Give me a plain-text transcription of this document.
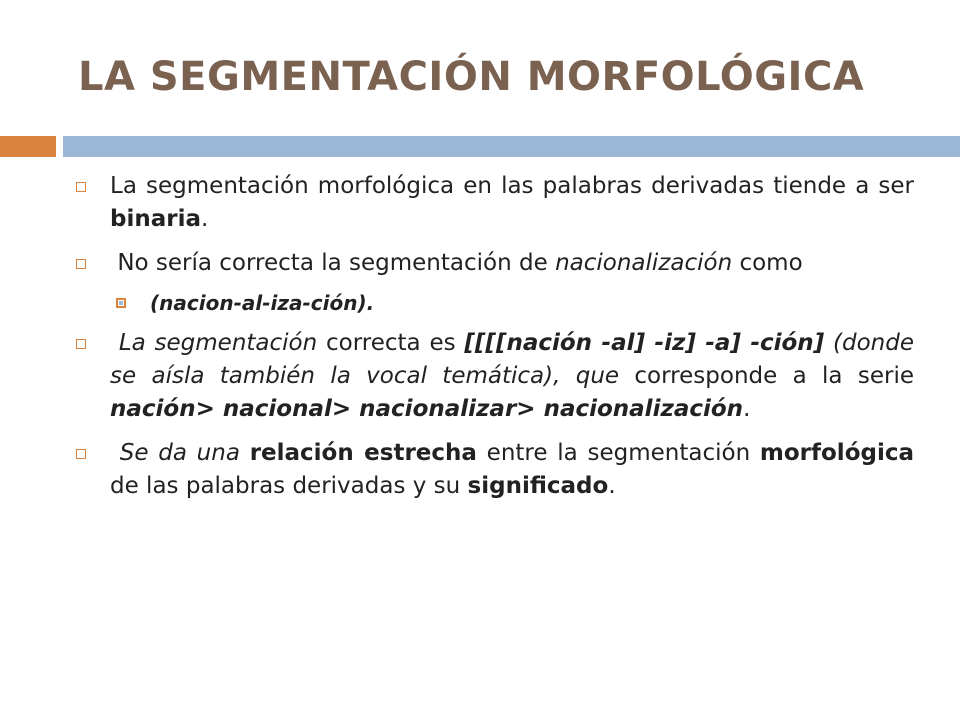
LA SEGMENTACIÓN MORFOLÓGICA
La segmentación morfológica en las palabras derivadas tiende a ser binaria.
No sería correcta la segmentación de nacionalización como
(nacion-al-iza-ción).
La segmentación correcta es [[[[nación -al] -iz] -a] -ción] (donde se aísla también la vocal temática), que corresponde a la serie nación> nacional> nacionalizar> nacionalización.
Se da una relación estrecha entre la segmentación morfológica de las palabras derivadas y su significado.
